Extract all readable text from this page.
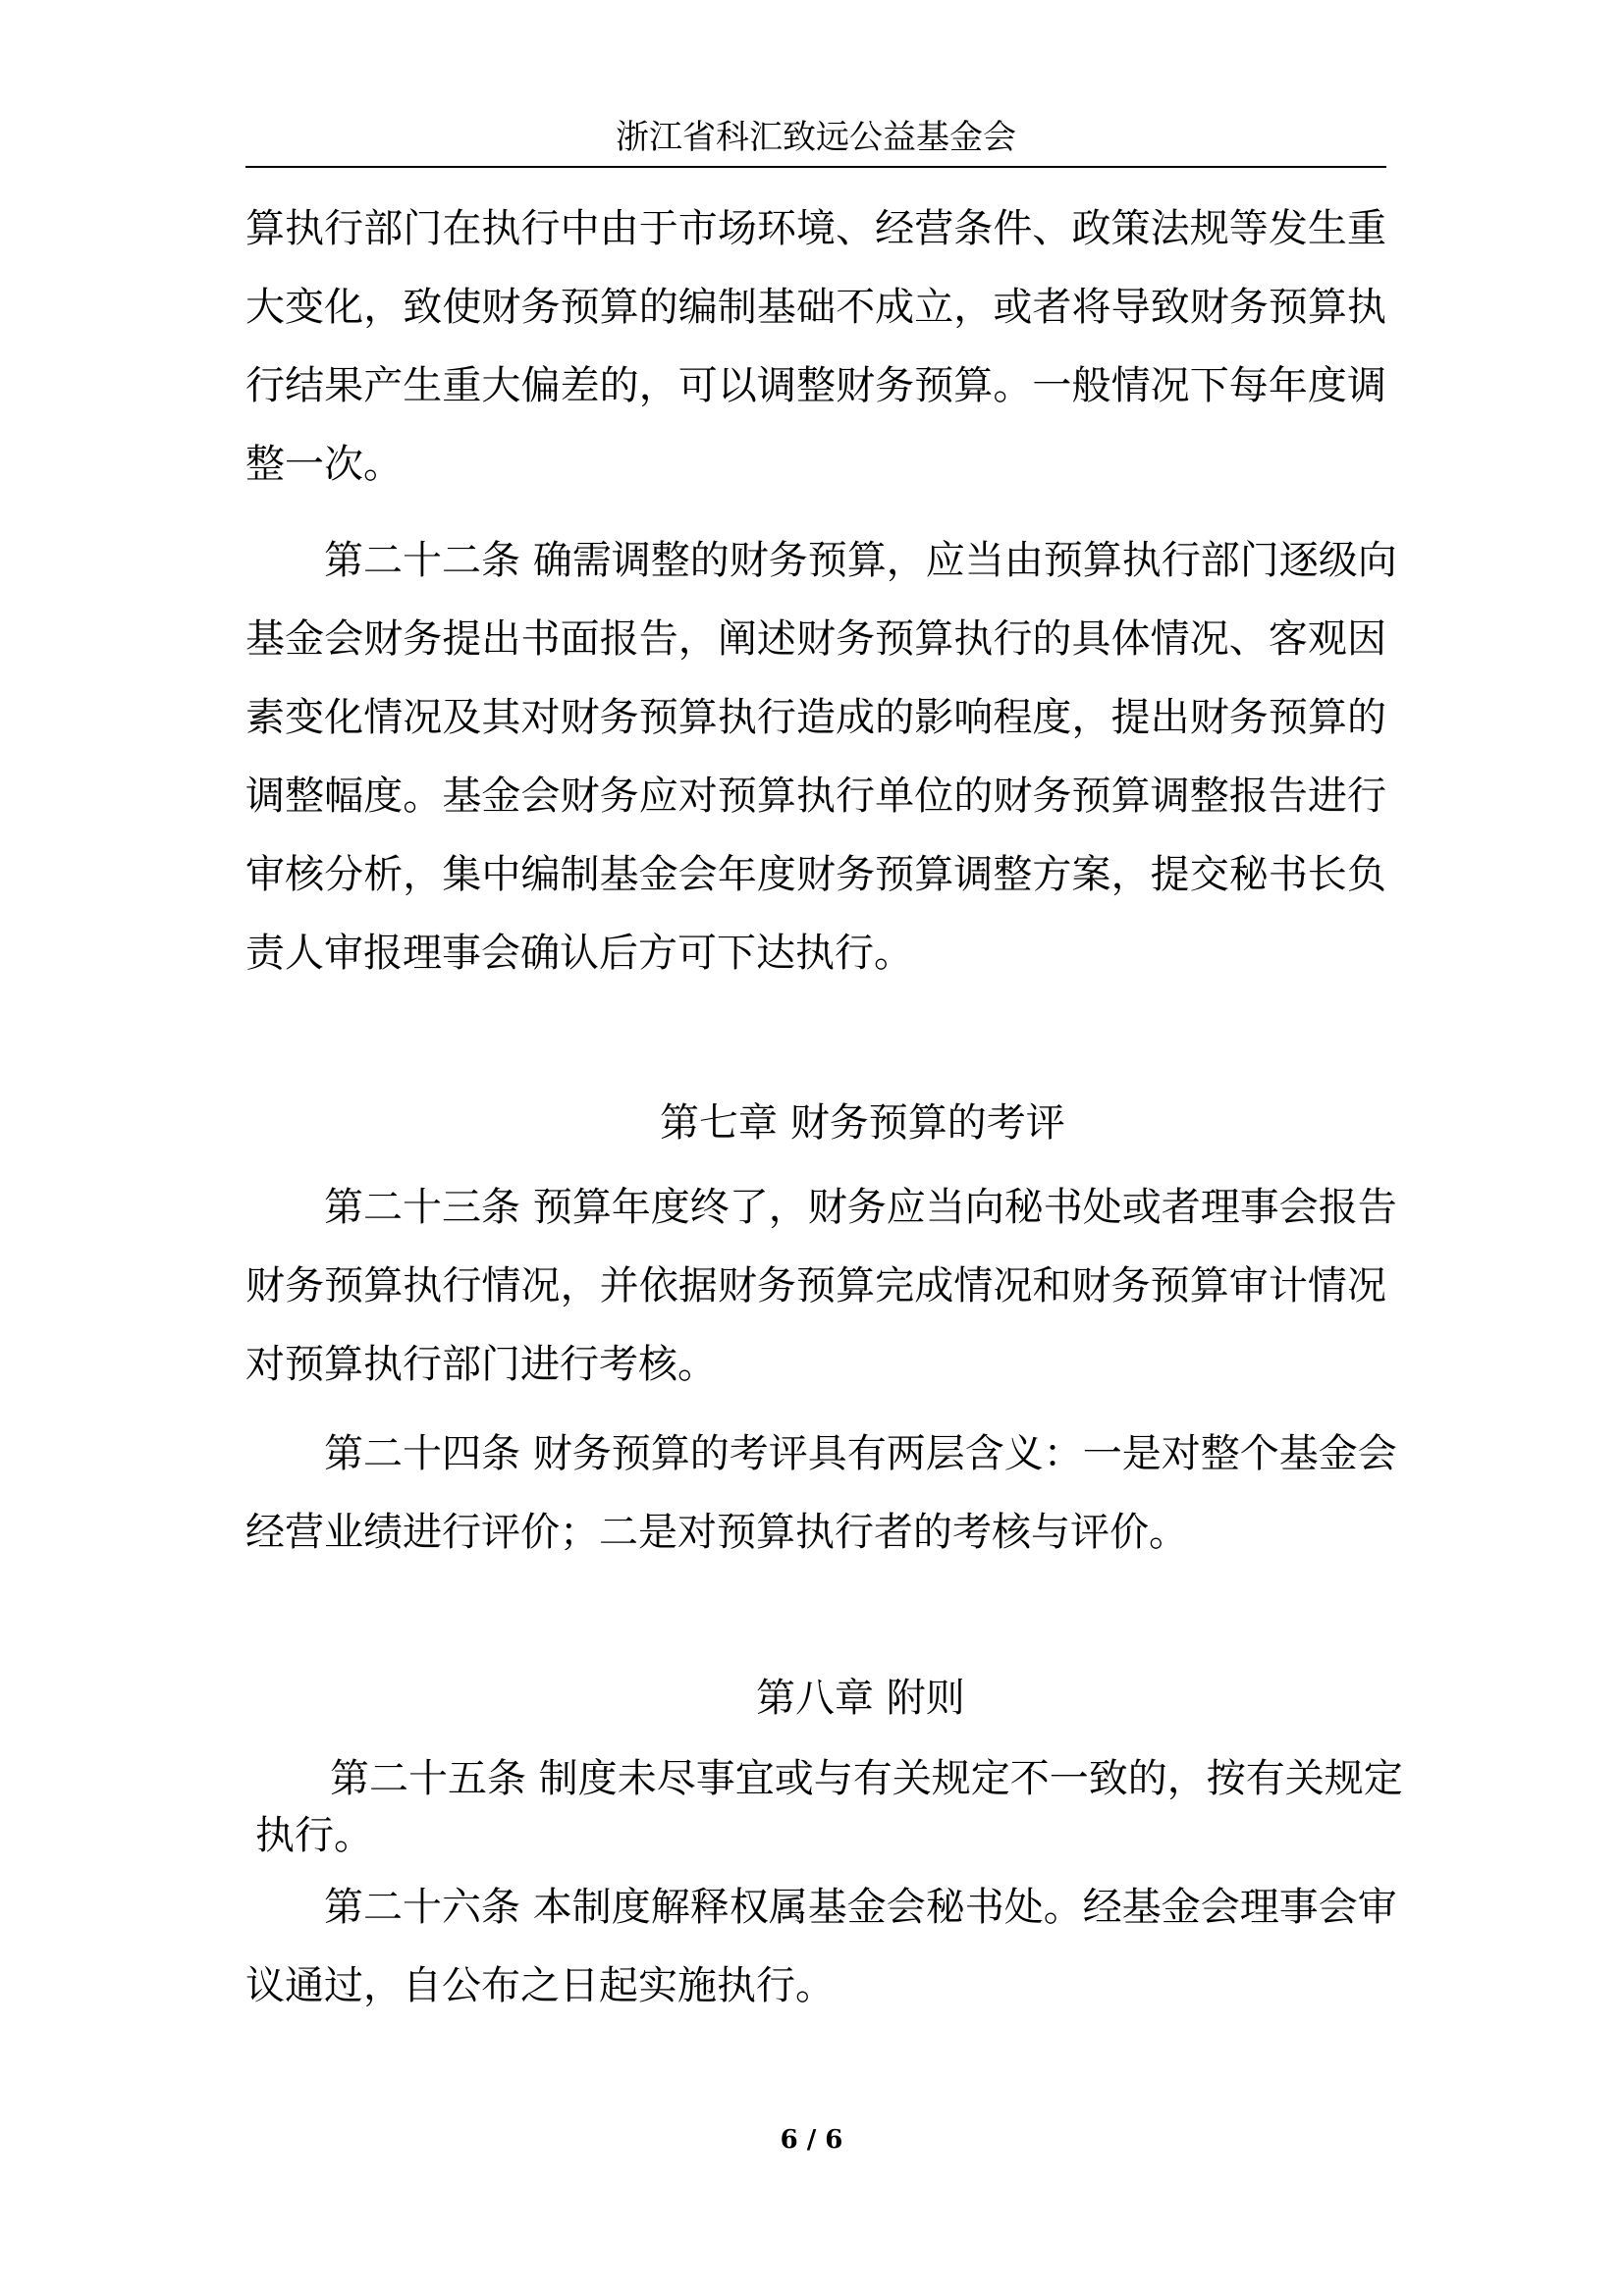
浙江省科汇致远公益基金会
算执行部门在执行中由于市场环境、经营条件、政策法规等发生重
大变化，致使财务预算的编制基础不成立，或者将导致财务预算执
行结果产生重大偏差的，可以调整财务预算。一般情况下每年度调
整一次。
第二十二条 确需调整的财务预算，应当由预算执行部门逐级向
基金会财务提出书面报告，阐述财务预算执行的具体情况、客观因
素变化情况及其对财务预算执行造成的影响程度，提出财务预算的
调整幅度。基金会财务应对预算执行单位的财务预算调整报告进行
审核分析，集中编制基金会年度财务预算调整方案，提交秘书长负
责人审报理事会确认后方可下达执行。
第七章 财务预算的考评
第二十三条 预算年度终了，财务应当向秘书处或者理事会报告
财务预算执行情况，并依据财务预算完成情况和财务预算审计情况
对预算执行部门进行考核。
第二十四条 财务预算的考评具有两层含义：一是对整个基金会
经营业绩进行评价；二是对预算执行者的考核与评价。
第八章 附则
第二十五条 制度未尽事宜或与有关规定不一致的，按有关规定
执行。
第二十六条 本制度解释权属基金会秘书处。经基金会理事会审
议通过，自公布之日起实施执行。
6 / 6
